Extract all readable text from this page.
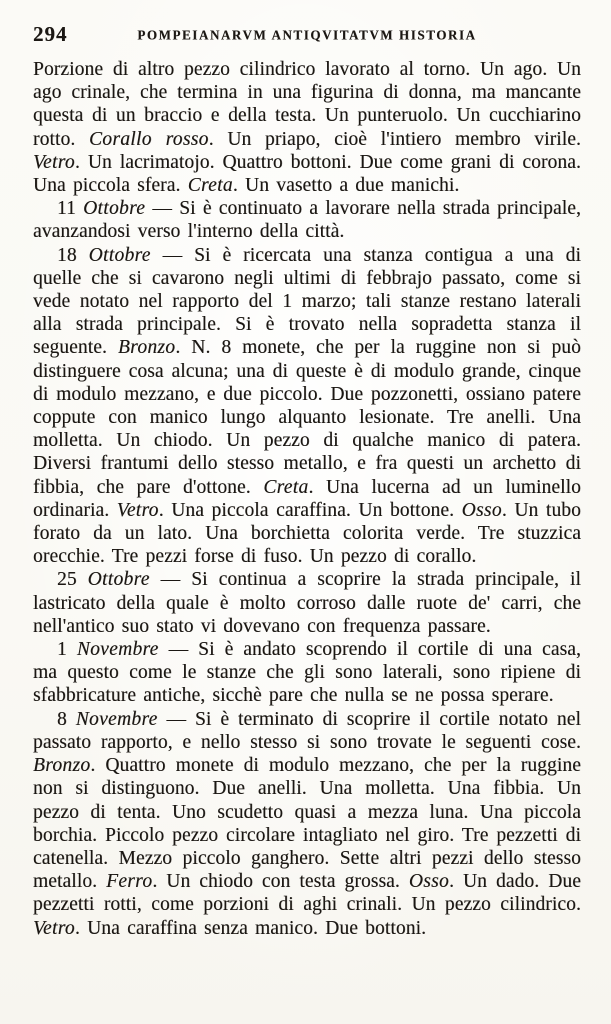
294	POMPEIANARVM ANTIQVITATVM HISTORIA

Porzione di altro pezzo cilindrico lavorato al torno. Un ago. Un ago crinale, che termina in una figurina di donna, ma mancante questa di un braccio e della testa. Un punteruolo. Un cucchiarino rotto. Corallo rosso. Un priapo, cioè l'intiero membro virile. Vetro. Un lacrimatojo. Quattro bottoni. Due come grani di corona. Una piccola sfera. Creta. Un vasetto a due manichi.

11 Ottobre — Si è continuato a lavorare nella strada principale, avanzandosi verso l'interno della città.

18 Ottobre — Si è ricercata una stanza contigua a una di quelle che si cavarono negli ultimi di febbrajo passato, come si vede notato nel rapporto del 1 marzo; tali stanze restano laterali alla strada principale. Si è trovato nella sopradetta stanza il seguente. Bronzo. N. 8 monete, che per la ruggine non si può distinguere cosa alcuna; una di queste è di modulo grande, cinque di modulo mezzano, e due piccolo. Due pozzonetti, ossiano patere coppute con manico lungo alquanto lesionate. Tre anelli. Una molletta. Un chiodo. Un pezzo di qualche manico di patera. Diversi frantumi dello stesso metallo, e fra questi un archetto di fibbia, che pare d'ottone. Creta. Una lucerna ad un luminello ordinaria. Vetro. Una piccola caraffina. Un bottone. Osso. Un tubo forato da un lato. Una borchietta colorita verde. Tre stuzzica orecchie. Tre pezzi forse di fuso. Un pezzo di corallo.

25 Ottobre — Si continua a scoprire la strada principale, il lastricato della quale è molto corroso dalle ruote de' carri, che nell'antico suo stato vi dovevano con frequenza passare.

1 Novembre — Si è andato scoprendo il cortile di una casa, ma questo come le stanze che gli sono laterali, sono ripiene di sfabbricature antiche, sicchè pare che nulla se ne possa sperare.

8 Novembre — Si è terminato di scoprire il cortile notato nel passato rapporto, e nello stesso si sono trovate le seguenti cose. Bronzo. Quattro monete di modulo mezzano, che per la ruggine non si distinguono. Due anelli. Una molletta. Una fibbia. Un pezzo di tenta. Uno scudetto quasi a mezza luna. Una piccola borchia. Piccolo pezzo circolare intagliato nel giro. Tre pezzetti di catenella. Mezzo piccolo ganghero. Sette altri pezzi dello stesso metallo. Ferro. Un chiodo con testa grossa. Osso. Un dado. Due pezzetti rotti, come porzioni di aghi crinali. Un pezzo cilindrico. Vetro. Una caraffina senza manico. Due bottoni.
